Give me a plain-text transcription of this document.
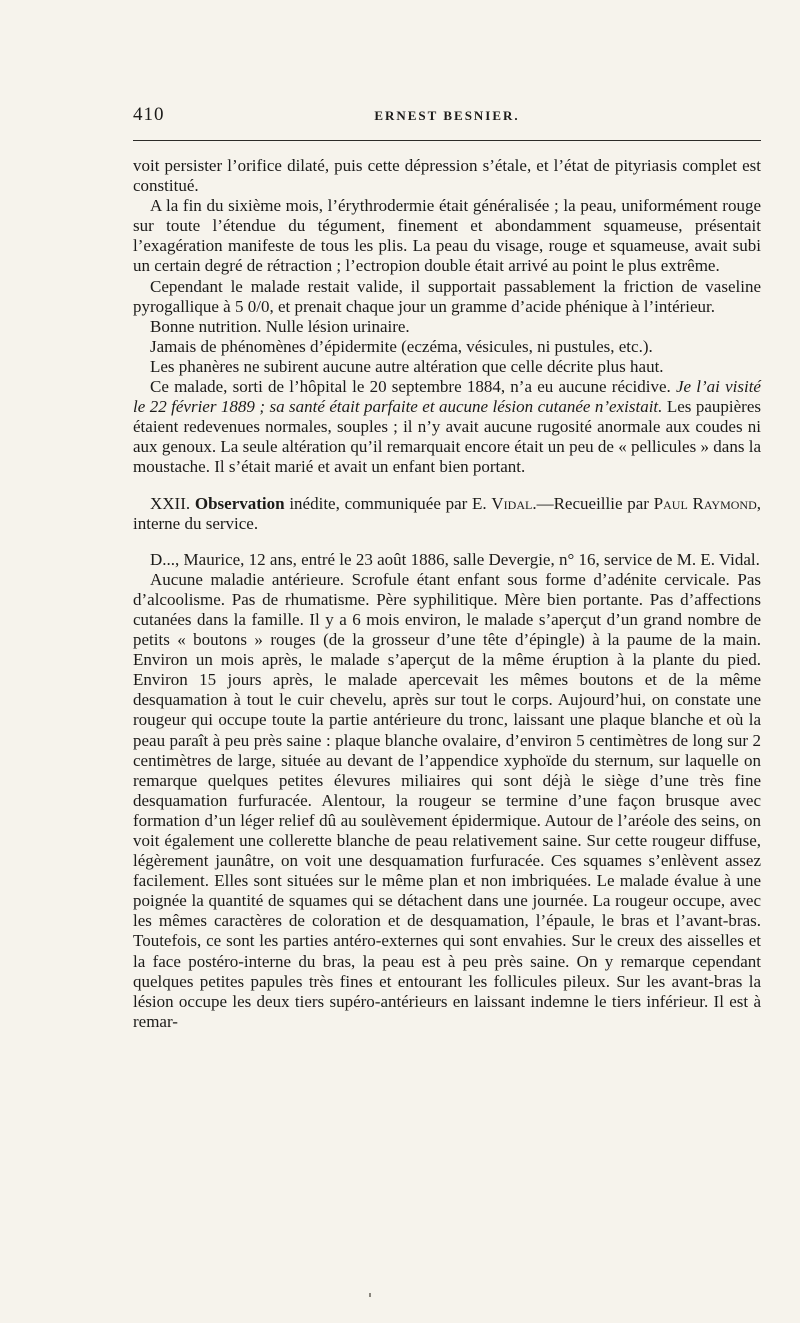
410	ERNEST BESNIER.

voit persister l’orifice dilaté, puis cette dépression s’étale, et l’état de pityriasis complet est constitué.

A la fin du sixième mois, l’érythrodermie était généralisée ; la peau, uniformément rouge sur toute l’étendue du tégument, finement et abondamment squameuse, présentait l’exagération manifeste de tous les plis. La peau du visage, rouge et squameuse, avait subi un certain degré de rétraction ; l’ectropion double était arrivé au point le plus extrême.

Cependant le malade restait valide, il supportait passablement la friction de vaseline pyrogallique à 5 0/0, et prenait chaque jour un gramme d’acide phénique à l’intérieur.

Bonne nutrition. Nulle lésion urinaire.

Jamais de phénomènes d’épidermite (eczéma, vésicules, ni pustules, etc.).

Les phanères ne subirent aucune autre altération que celle décrite plus haut.

Ce malade, sorti de l’hôpital le 20 septembre 1884, n’a eu aucune récidive. Je l’ai visité le 22 février 1889 ; sa santé était parfaite et aucune lésion cutanée n’existait. Les paupières étaient redevenues normales, souples ; il n’y avait aucune rugosité anormale aux coudes ni aux genoux. La seule altération qu’il remarquait encore était un peu de « pellicules » dans la moustache. Il s’était marié et avait un enfant bien portant.

XXII. Observation inédite, communiquée par E. Vidal.—Recueillie par Paul Raymond, interne du service.

D..., Maurice, 12 ans, entré le 23 août 1886, salle Devergie, n° 16, service de M. E. Vidal.

Aucune maladie antérieure. Scrofule étant enfant sous forme d’adénite cervicale. Pas d’alcoolisme. Pas de rhumatisme. Père syphilitique. Mère bien portante. Pas d’affections cutanées dans la famille. Il y a 6 mois environ, le malade s’aperçut d’un grand nombre de petits « boutons » rouges (de la grosseur d’une tête d’épingle) à la paume de la main. Environ un mois après, le malade s’aperçut de la même éruption à la plante du pied. Environ 15 jours après, le malade apercevait les mêmes boutons et de la même desquamation à tout le cuir chevelu, après sur tout le corps. Aujourd’hui, on constate une rougeur qui occupe toute la partie antérieure du tronc, laissant une plaque blanche et où la peau paraît à peu près saine : plaque blanche ovalaire, d’environ 5 centimètres de long sur 2 centimètres de large, située au devant de l’appendice xyphoïde du sternum, sur laquelle on remarque quelques petites élevures miliaires qui sont déjà le siège d’une très fine desquamation furfuracée. Alentour, la rougeur se termine d’une façon brusque avec formation d’un léger relief dû au soulèvement épidermique. Autour de l’aréole des seins, on voit également une collerette blanche de peau relativement saine. Sur cette rougeur diffuse, légèrement jaunâtre, on voit une desquamation furfuracée. Ces squames s’enlèvent assez facilement. Elles sont situées sur le même plan et non imbriquées. Le malade évalue à une poignée la quantité de squames qui se détachent dans une journée. La rougeur occupe, avec les mêmes caractères de coloration et de desquamation, l’épaule, le bras et l’avant-bras. Toutefois, ce sont les parties antéro-externes qui sont envahies. Sur le creux des aisselles et la face postéro-interne du bras, la peau est à peu près saine. On y remarque cependant quelques petites papules très fines et entourant les follicules pileux. Sur les avant-bras la lésion occupe les deux tiers supéro-antérieurs en laissant indemne le tiers inférieur. Il est à remar-
